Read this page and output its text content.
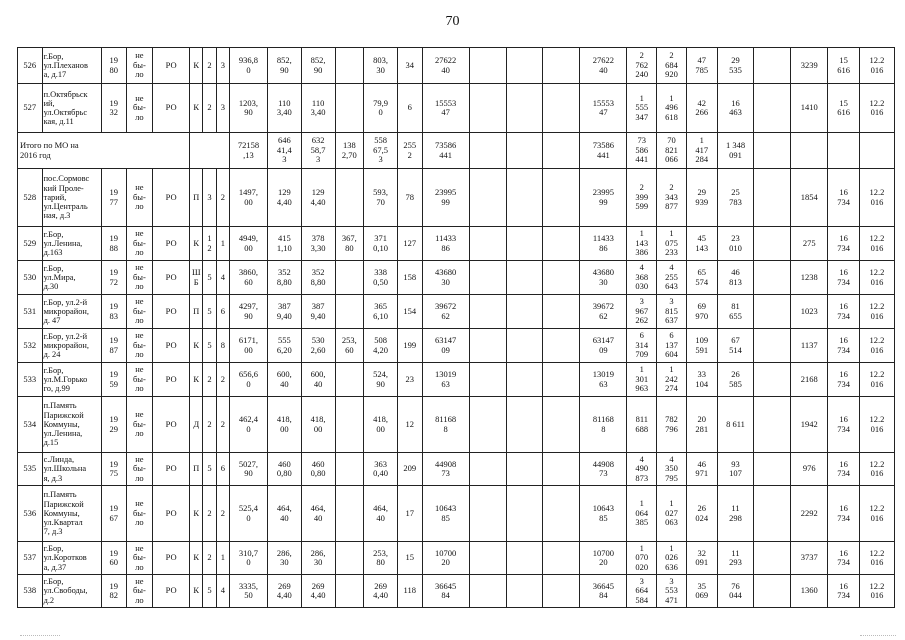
70
526	г.Бор,
ул.Плеханов
а, д.17	19
80	не
бы-
ло	РО	К	2	3	936,8
0	852,
90	852,
90		803,
30	34	27622
40				27622
40	2
762
240	2
684
920	47
785	29
535		3239	15
616	12.2
016

527	п.Октябрьск
ий,
ул.Октябрьс
кая, д.11	19
32	не
бы-
ло	РО	К	2	3	1203,
90	110
3,40	110
3,40		79,9
0	6	15553
47				15553
47	1
555
347	1
496
618	42
266	16
463		1410	15
616	12.2
016

Итого по МО на
2016 год								72158
,13	646
41,4
3	632
58,7
3	138
2,70	558
67,5
3	255
2	73586
441				73586
441	73
586
441	70
821
066	1
417
284	1 348
091				

528	пос.Сормовс
кий Проле-
тарий,
ул.Централь
ная, д.3	19
77	не
бы-
ло	РО	П	3	2	1497,
00	129
4,40	129
4,40		593,
70	78	23995
99				23995
99	2
399
599	2
343
877	29
939	25
783		1854	16
734	12.2
016

529	г.Бор,
ул.Ленина,
д.163	19
88	не
бы-
ло	РО	К	1
2	1	4949,
00	415
1,10	378
3,30	367,
80	371
0,10	127	11433
86				11433
86	1
143
386	1
075
233	45
143	23
010		275	16
734	12.2
016

530	г.Бор,
ул.Мира,
д.30	19
72	не
бы-
ло	РО	Ш
Б	5	4	3860,
60	352
8,80	352
8,80		338
0,50	158	43680
30				43680
30	4
368
030	4
255
643	65
574	46
813		1238	16
734	12.2
016

531	г.Бор, ул.2-й
микрорайон,
д. 47	19
83	не
бы-
ло	РО	П	5	6	4297,
90	387
9,40	387
9,40		365
6,10	154	39672
62				39672
62	3
967
262	3
815
637	69
970	81
655		1023	16
734	12.2
016

532	г.Бор, ул.2-й
микрорайон,
д. 24	19
87	не
бы-
ло	РО	К	5	8	6171,
00	555
6,20	530
2,60	253,
60	508
4,20	199	63147
09				63147
09	6
314
709	6
137
604	109
591	67
514		1137	16
734	12.2
016

533	г.Бор,
ул.М.Горько
го, д.99	19
59	не
бы-
ло	РО	К	2	2	656,6
0	600,
40	600,
40		524,
90	23	13019
63				13019
63	1
301
963	1
242
274	33
104	26
585		2168	16
734	12.2
016

534	п.Память
Парижской
Коммуны,
ул.Ленина,
д.15	19
29	не
бы-
ло	РО	Д	2	2	462,4
0	418,
00	418,
00		418,
00	12	81168
8				81168
8	811
688	782
796	20
281	8 611		1942	16
734	12.2
016

535	с.Линда,
ул.Школьна
я, д.3	19
75	не
бы-
ло	РО	П	5	6	5027,
90	460
0,80	460
0,80		363
0,40	209	44908
73				44908
73	4
490
873	4
350
795	46
971	93
107		976	16
734	12.2
016

536	п.Память
Парижской
Коммуны,
ул.Квартал
7, д.3	19
67	не
бы-
ло	РО	К	2	2	525,4
0	464,
40	464,
40		464,
40	17	10643
85				10643
85	1
064
385	1
027
063	26
024	11
298		2292	16
734	12.2
016

537	г.Бор,
ул.Коротков
а, д.37	19
60	не
бы-
ло	РО	К	2	1	310,7
0	286,
30	286,
30		253,
80	15	10700
20				10700
20	1
070
020	1
026
636	32
091	11
293		3737	16
734	12.2
016

538	г.Бор,
ул.Свободы,
д.2	19
82	не
бы-
ло	РО	К	5	4	3335,
50	269
4,40	269
4,40		269
4,40	118	36645
84				36645
84	3
664
584	3
553
471	35
069	76
044		1360	16
734	12.2
016
